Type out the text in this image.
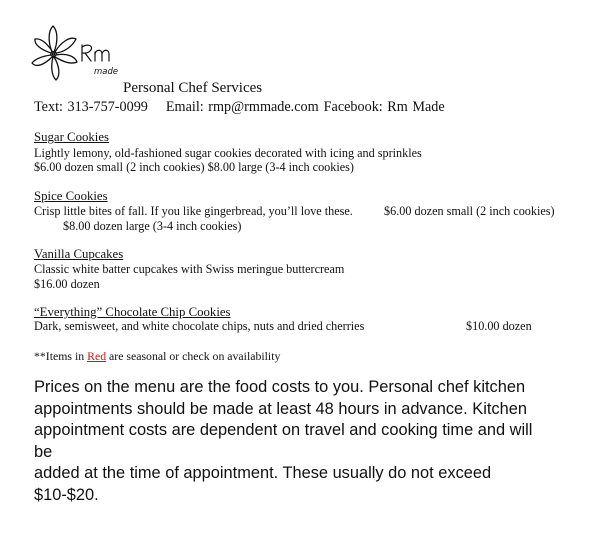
made
Personal Chef Services
Text: 313-757-0099 Email: rmp@rmmade.com Facebook: Rm Made
Sugar Cookies
Lightly lemony, old-fashioned sugar cookies decorated with icing and sprinkles
$6.00 dozen small (2 inch cookies) $8.00 large (3-4 inch cookies)
Spice Cookies
Crisp little bites of fall. If you like gingerbread, you’ll love these.	$6.00 dozen small (2 inch cookies)
$8.00 dozen large (3-4 inch cookies)
Vanilla Cupcakes
Classic white batter cupcakes with Swiss meringue buttercream
$16.00 dozen
“Everything” Chocolate Chip Cookies
Dark, semisweet, and white chocolate chips, nuts and dried cherries	$10.00 dozen
**Items in Red are seasonal or check on availability
Prices on the menu are the food costs to you. Personal chef kitchen
appointments should be made at least 48 hours in advance. Kitchen
appointment costs are dependent on travel and cooking time and will be
added at the time of appointment. These usually do not exceed $10-$20.
